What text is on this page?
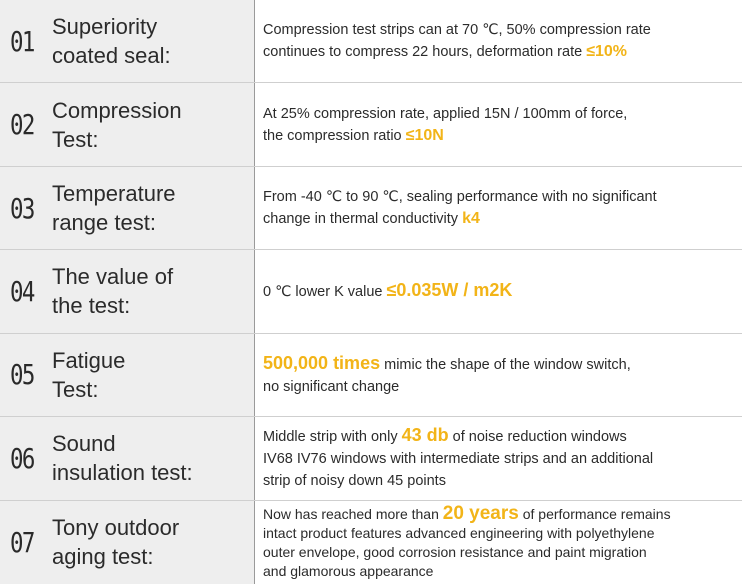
01 Superiority
coated seal:
Compression test strips can at 70 ℃, 50% compression rate
continues to compress 22 hours, deformation rate ≤10%
02 Compression
Test:
At 25% compression rate, applied 15N / 100mm of force,
the compression ratio ≤10N
03 Temperature
range test:
From -40 ℃ to 90 ℃, sealing performance with no significant
change in thermal conductivity k4
04 The value of
the test:
0 ℃ lower K value ≤0.035W / m2K
05 Fatigue
Test:
500,000 times mimic the shape of the window switch,
no significant change
06 Sound
insulation test:
Middle strip with only 43 db of noise reduction windows
IV68 IV76 windows with intermediate strips and an additional
strip of noisy down 45 points
07 Tony outdoor
aging test:
Now has reached more than 20 years of performance remains
intact product features advanced engineering with polyethylene
outer envelope, good corrosion resistance and paint migration
and glamorous appearance
